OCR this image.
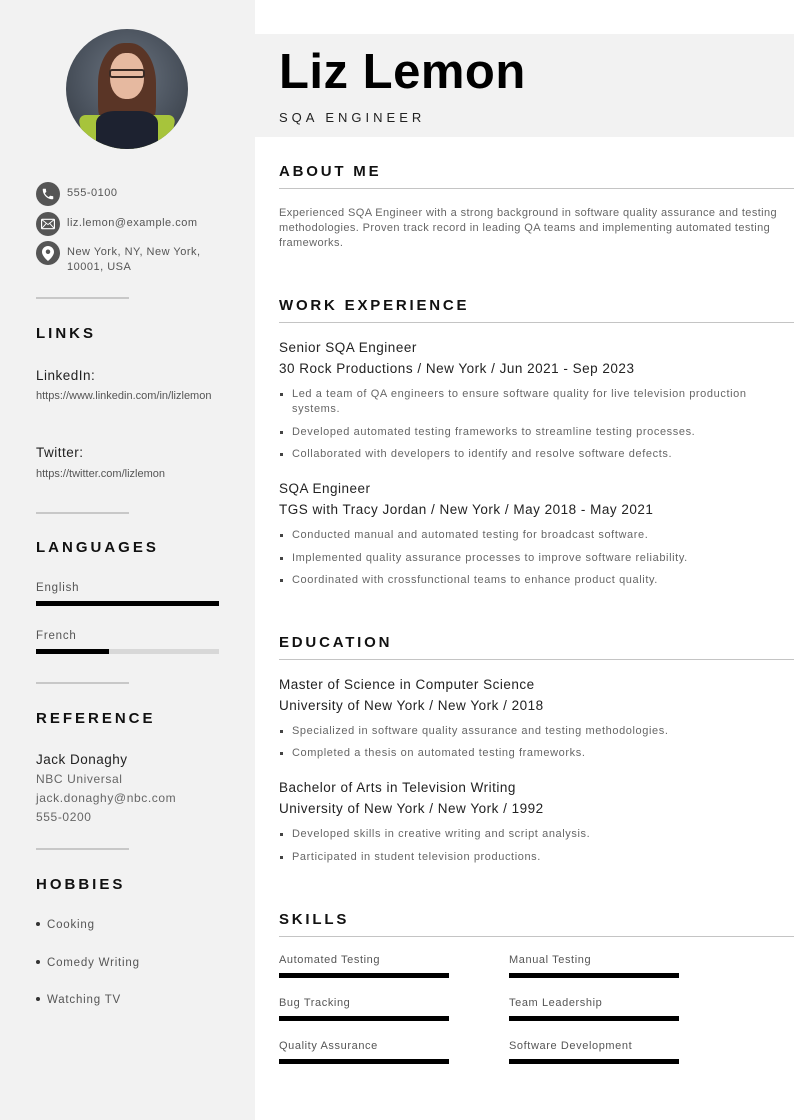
555-0100
liz.lemon@example.com
New York, NY, New York,
10001, USA
LINKS
LinkedIn:
https://www.linkedin.com/in/lizlemon
Twitter:
https://twitter.com/lizlemon
LANGUAGES
English
French
REFERENCE
Jack Donaghy
NBC Universal
jack.donaghy@nbc.com
555-0200
HOBBIES
Cooking
Comedy Writing
Watching TV
Liz Lemon
SQA ENGINEER
ABOUT ME

Experienced SQA Engineer with a strong background in software quality assurance and testing methodologies. Proven track record in leading QA teams and implementing automated testing frameworks.

WORK EXPERIENCE
Senior SQA Engineer
30 Rock Productions / New York / Jun 2021 - Sep 2023
Led a team of QA engineers to ensure software quality for live television production systems.
Developed automated testing frameworks to streamline testing processes.
Collaborated with developers to identify and resolve software defects.
SQA Engineer
TGS with Tracy Jordan / New York / May 2018 - May 2021
Conducted manual and automated testing for broadcast software.
Implemented quality assurance processes to improve software reliability.
Coordinated with crossfunctional teams to enhance product quality.
EDUCATION
Master of Science in Computer Science
University of New York / New York / 2018
Specialized in software quality assurance and testing methodologies.
Completed a thesis on automated testing frameworks.
Bachelor of Arts in Television Writing
University of New York / New York / 1992
Developed skills in creative writing and script analysis.
Participated in student television productions.
SKILLS
Automated Testing	Manual Testing
Bug Tracking	Team Leadership
Quality Assurance	Software Development
